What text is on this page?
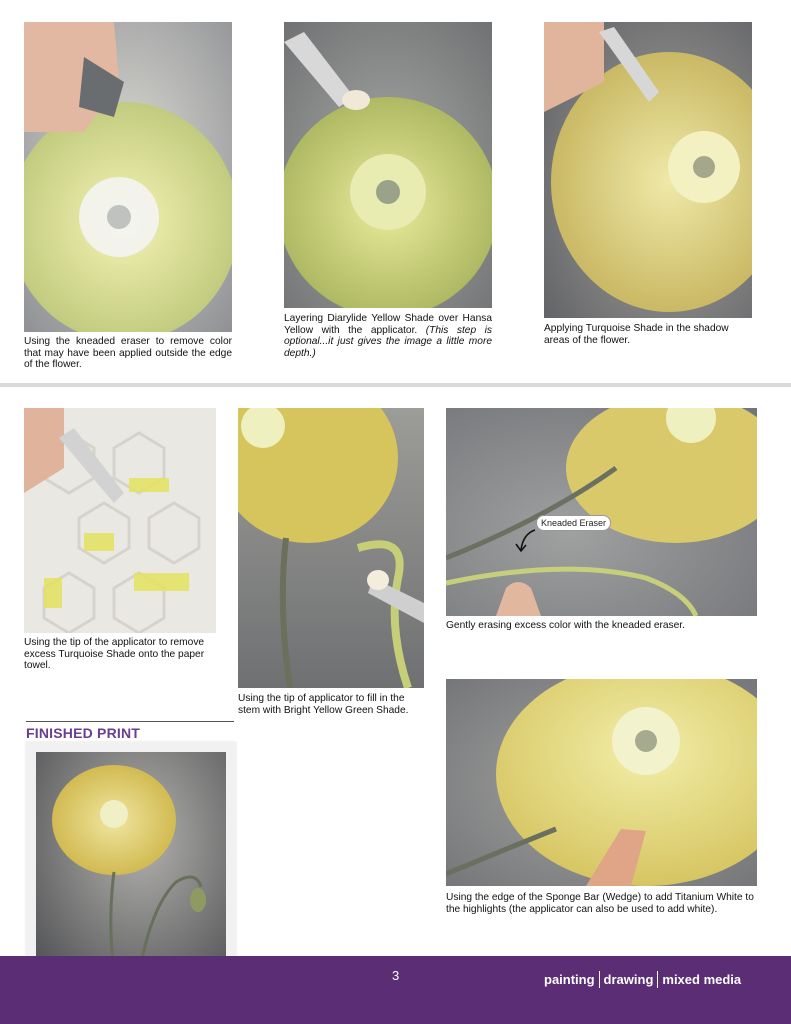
Using the kneaded eraser to remove color that may have been applied outside the edge of the flower.
Layering Diarylide Yellow Shade over Hansa Yellow with the applicator. (This step is optional...it just gives the image a little more depth.)
Applying Turquoise Shade in the shadow areas of the flower.
Using the tip of the applicator to remove excess Turquoise Shade onto the paper towel.
Using the tip of applicator to fill in the stem with Bright Yellow Green Shade.
Kneaded Eraser
Gently erasing excess color with the kneaded eraser.
Using the edge of the Sponge Bar (Wedge) to add Titanium White to the highlights (the applicator can also be used to add white).
FINISHED PRINT
3	painting drawing mixed media
